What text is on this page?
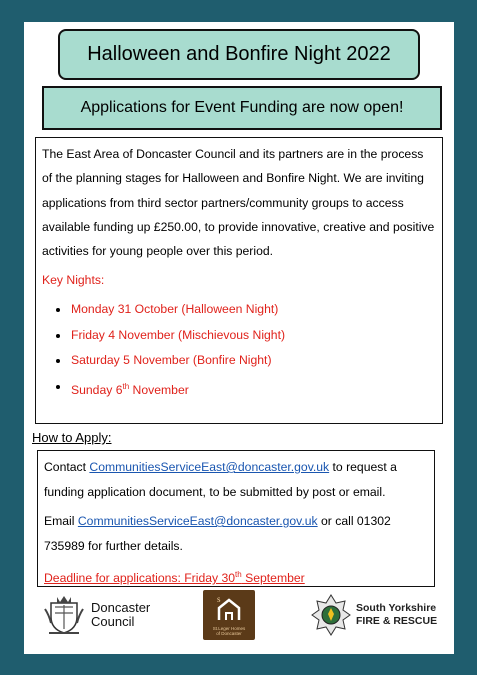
Halloween and Bonfire Night 2022
Applications for Event Funding are now open!

The East Area of Doncaster Council and its partners are in the process of the planning stages for Halloween and Bonfire Night. We are inviting applications from third sector partners/community groups to access available funding up £250.00, to provide innovative, creative and positive activities for young people over this period.

Key Nights:

Monday 31 October (Halloween Night)
Friday 4 November (Mischievous Night)
Saturday 5 November (Bonfire Night)
Sunday 6th November
How to Apply:

Contact CommunitiesServiceEast@doncaster.gov.uk to request a funding application document, to be submitted by post or email.

Email CommunitiesServiceEast@doncaster.gov.uk or call 01302 735989 for further details.

Deadline for applications: Friday 30th September

Doncaster
Council
s
St.Leger Homes
of Doncaster
South Yorkshire
FIRE & RESCUE
